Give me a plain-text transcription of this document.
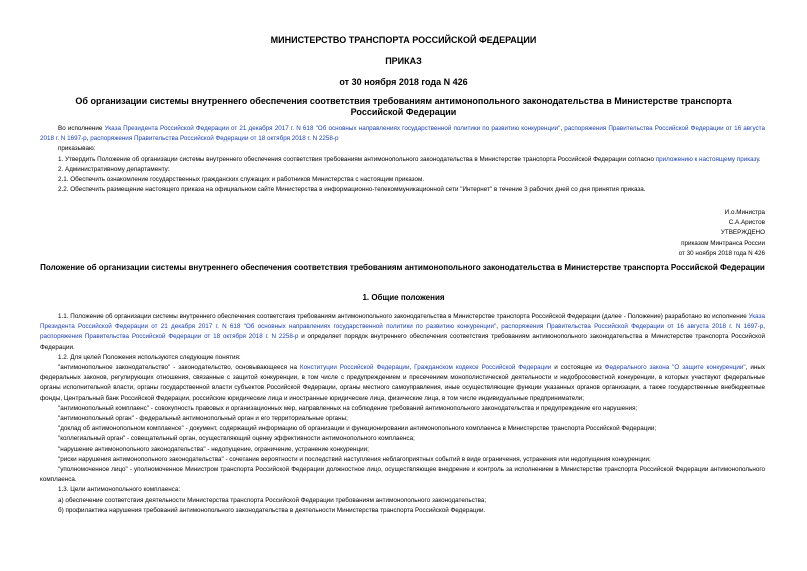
МИНИСТЕРСТВО ТРАНСПОРТА РОССИЙСКОЙ ФЕДЕРАЦИИ
ПРИКАЗ
от 30 ноября 2018 года N 426
Об организации системы внутреннего обеспечения соответствия требованиям антимонопольного законодательства в Министерстве транспорта Российской Федерации

Во исполнение Указа Президента Российской Федерации от 21 декабря 2017 г. N 618 "Об основных направлениях государственной политики по развитию конкуренции", распоряжения Правительства Российской Федерации от 16 августа 2018 г. N 1697-р, распоряжения Правительства Российской Федерации от 18 октября 2018 г. N 2258-р

приказываю:

1. Утвердить Положение об организации системы внутреннего обеспечения соответствия требованиям антимонопольного законодательства в Министерстве транспорта Российской Федерации согласно приложению к настоящему приказу.

2. Административному департаменту:

2.1. Обеспечить ознакомление государственных гражданских служащих и работников Министерства с настоящим приказом.

2.2. Обеспечить размещение настоящего приказа на официальном сайте Министерства в информационно-телекоммуникационной сети "Интернет" в течение 3 рабочих дней со дня принятия приказа.

И.о.Министра
С.А.Аристов
УТВЕРЖДЕНО
приказом Минтранса России
от 30 ноября 2018 года N 426
Положение об организации системы внутреннего обеспечения соответствия требованиям антимонопольного законодательства в Министерстве транспорта Российской Федерации
1. Общие положения

1.1. Положение об организации системы внутреннего обеспечения соответствия требованиям антимонопольного законодательства в Министерстве транспорта Российской Федерации (далее - Положение) разработано во исполнение Указа Президента Российской Федерации от 21 декабря 2017 г. N 618 "Об основных направлениях государственной политики по развитию конкуренции", распоряжения Правительства Российской Федерации от 16 августа 2018 г. N 1697-р, распоряжения Правительства Российской Федерации от 18 октября 2018 г. N 2258-р и определяет порядок внутреннего обеспечения соответствия требованиям антимонопольного законодательства в Министерстве транспорта Российской Федерации.

1.2. Для целей Положения используются следующие понятия:

"антимонопольное законодательство" - законодательство, основывающееся на Конституции Российской Федерации, Гражданском кодексе Российской Федерации и состоящее из Федерального закона "О защите конкуренции", иных федеральных законов, регулирующих отношения, связанные с защитой конкуренции, в том числе с предупреждением и пресечением монополистической деятельности и недобросовестной конкуренции, в которых участвуют федеральные органы исполнительной власти, органы государственной власти субъектов Российской Федерации, органы местного самоуправления, иные осуществляющие функции указанных органов организации, а также государственные внебюджетные фонды, Центральный банк Российской Федерации, российские юридические лица и иностранные юридические лица, физические лица, в том числе индивидуальные предприниматели;

"антимонопольный комплаенс" - совокупность правовых и организационных мер, направленных на соблюдение требований антимонопольного законодательства и предупреждение его нарушения;

"антимонопольный орган" - федеральный антимонопольный орган и его территориальные органы;

"доклад об антимонопольном комплаенсе" - документ, содержащий информацию об организации и функционировании антимонопольного комплаенса в Министерстве транспорта Российской Федерации;

"коллегиальный орган" - совещательный орган, осуществляющий оценку эффективности антимонопольного комплаенса;

"нарушение антимонопольного законодательства" - недопущение, ограничение, устранение конкуренции;

"риски нарушения антимонопольного законодательства" - сочетание вероятности и последствий наступления неблагоприятных событий в виде ограничения, устранения или недопущения конкуренции;

"уполномоченное лицо" - уполномоченное Министром транспорта Российской Федерации должностное лицо, осуществляющее внедрение и контроль за исполнением в Министерстве транспорта Российской Федерации антимонопольного комплаенса.

1.3. Цели антимонопольного комплаенса:

а) обеспечение соответствия деятельности Министерства транспорта Российской Федерации требованиям антимонопольного законодательства;

б) профилактика нарушения требований антимонопольного законодательства в деятельности Министерства транспорта Российской Федерации.
